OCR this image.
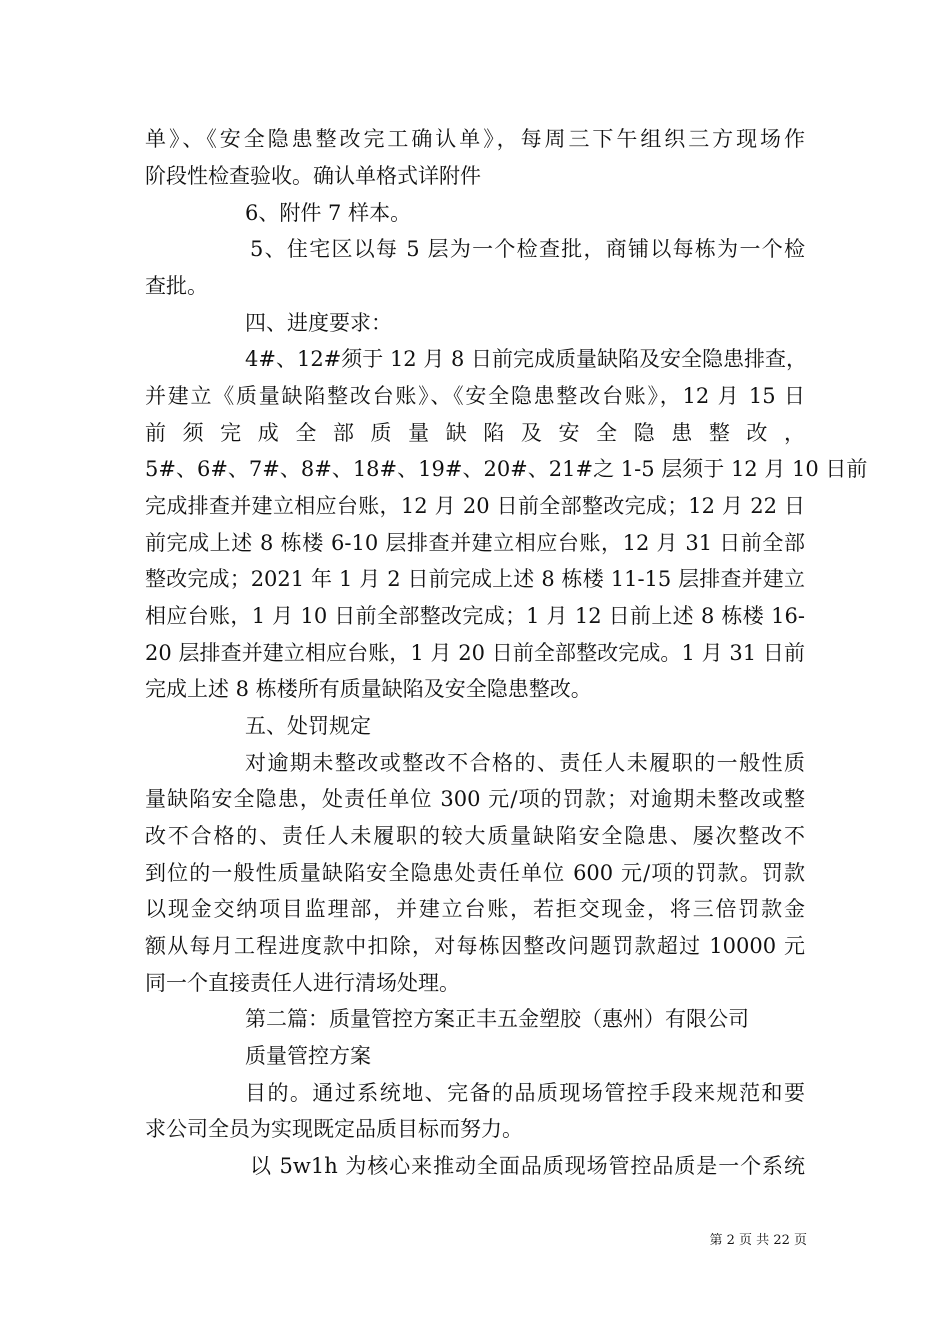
单》、《安全隐患整改完工确认单》，每周三下午组织三方现场作
阶段性检查验收。确认单格式详附件
6、附件 7 样本。
5、住宅区以每 5 层为一个检查批，商铺以每栋为一个检
查批。
四、进度要求：
4#、12#须于 12 月 8 日前完成质量缺陷及安全隐患排查，
并建立《质量缺陷整改台账》、《安全隐患整改台账》，12 月 15 日
前 须 完 成 全 部 质 量 缺 陷 及 安 全 隐 患 整 改 ，
5#、6#、7#、8#、18#、19#、20#、21#之 1-5 层须于 12 月 10 日前
完成排查并建立相应台账，12 月 20 日前全部整改完成；12 月 22 日
前完成上述 8 栋楼 6-10 层排查并建立相应台账，12 月 31 日前全部
整改完成；2021 年 1 月 2 日前完成上述 8 栋楼 11-15 层排查并建立
相应台账，1 月 10 日前全部整改完成；1 月 12 日前上述 8 栋楼 16-
20 层排查并建立相应台账，1 月 20 日前全部整改完成。1 月 31 日前
完成上述 8 栋楼所有质量缺陷及安全隐患整改。
五、处罚规定
对逾期未整改或整改不合格的、责任人未履职的一般性质
量缺陷安全隐患，处责任单位 300 元/项的罚款；对逾期未整改或整
改不合格的、责任人未履职的较大质量缺陷安全隐患、屡次整改不
到位的一般性质量缺陷安全隐患处责任单位 600 元/项的罚款。罚款
以现金交纳项目监理部，并建立台账，若拒交现金，将三倍罚款金
额从每月工程进度款中扣除，对每栋因整改问题罚款超过 10000 元
同一个直接责任人进行清场处理。
第二篇：质量管控方案正丰五金塑胶（惠州）有限公司
质量管控方案
目的。通过系统地、完备的品质现场管控手段来规范和要
求公司全员为实现既定品质目标而努力。
以 5w1h 为核心来推动全面品质现场管控品质是一个系统
第 2 页 共 22 页
